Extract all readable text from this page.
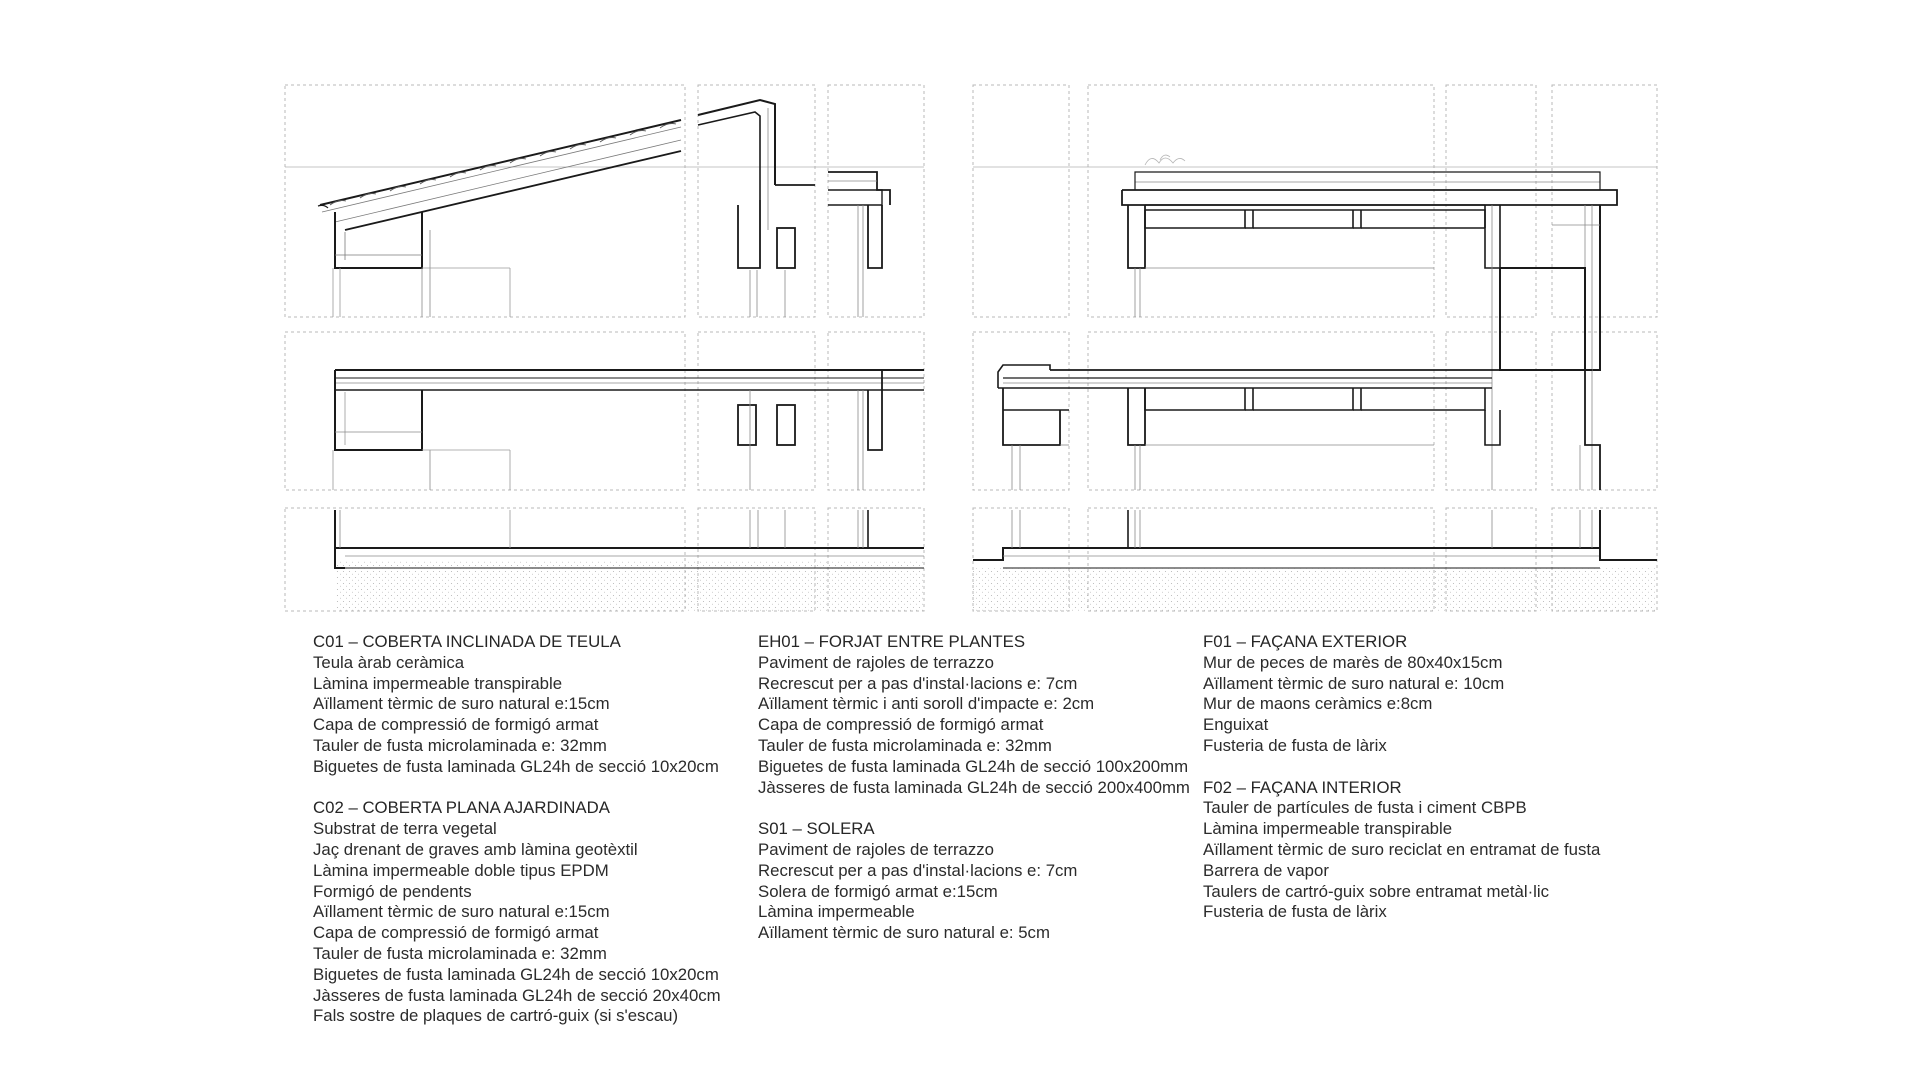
C01 – COBERTA INCLINADA DE TEULA
Teula àrab ceràmica
Làmina impermeable transpirable
Aïllament tèrmic de suro natural e:15cm
Capa de compressió de formigó armat
Tauler de fusta microlaminada e: 32mm
Biguetes de fusta laminada GL24h de secció 10x20cm
C02 – COBERTA PLANA AJARDINADA
Substrat de terra vegetal
Jaç drenant de graves amb làmina geotèxtil
Làmina impermeable doble tipus EPDM
Formigó de pendents
Aïllament tèrmic de suro natural e:15cm
Capa de compressió de formigó armat
Tauler de fusta microlaminada e: 32mm
Biguetes de fusta laminada GL24h de secció 10x20cm
Jàsseres de fusta laminada GL24h de secció 20x40cm
Fals sostre de plaques de cartró-guix (si s'escau)
EH01 – FORJAT ENTRE PLANTES
Paviment de rajoles de terrazzo
Recrescut per a pas d'instal·lacions e: 7cm
Aïllament tèrmic i anti soroll d'impacte e: 2cm
Capa de compressió de formigó armat
Tauler de fusta microlaminada e: 32mm
Biguetes de fusta laminada GL24h de secció 100x200mm
Jàsseres de fusta laminada GL24h de secció 200x400mm
S01 – SOLERA
Paviment de rajoles de terrazzo
Recrescut per a pas d'instal·lacions e: 7cm
Solera de formigó armat e:15cm
Làmina impermeable
Aïllament tèrmic de suro natural e: 5cm
F01 – FAÇANA EXTERIOR
Mur de peces de marès de 80x40x15cm
Aïllament tèrmic de suro natural e: 10cm
Mur de maons ceràmics e:8cm
Enguixat
Fusteria de fusta de làrix
F02 – FAÇANA INTERIOR
Tauler de partícules de fusta i ciment CBPB
Làmina impermeable transpirable
Aïllament tèrmic de suro reciclat en entramat de fusta
Barrera de vapor
Taulers de cartró-guix sobre entramat metàl·lic
Fusteria de fusta de làrix
